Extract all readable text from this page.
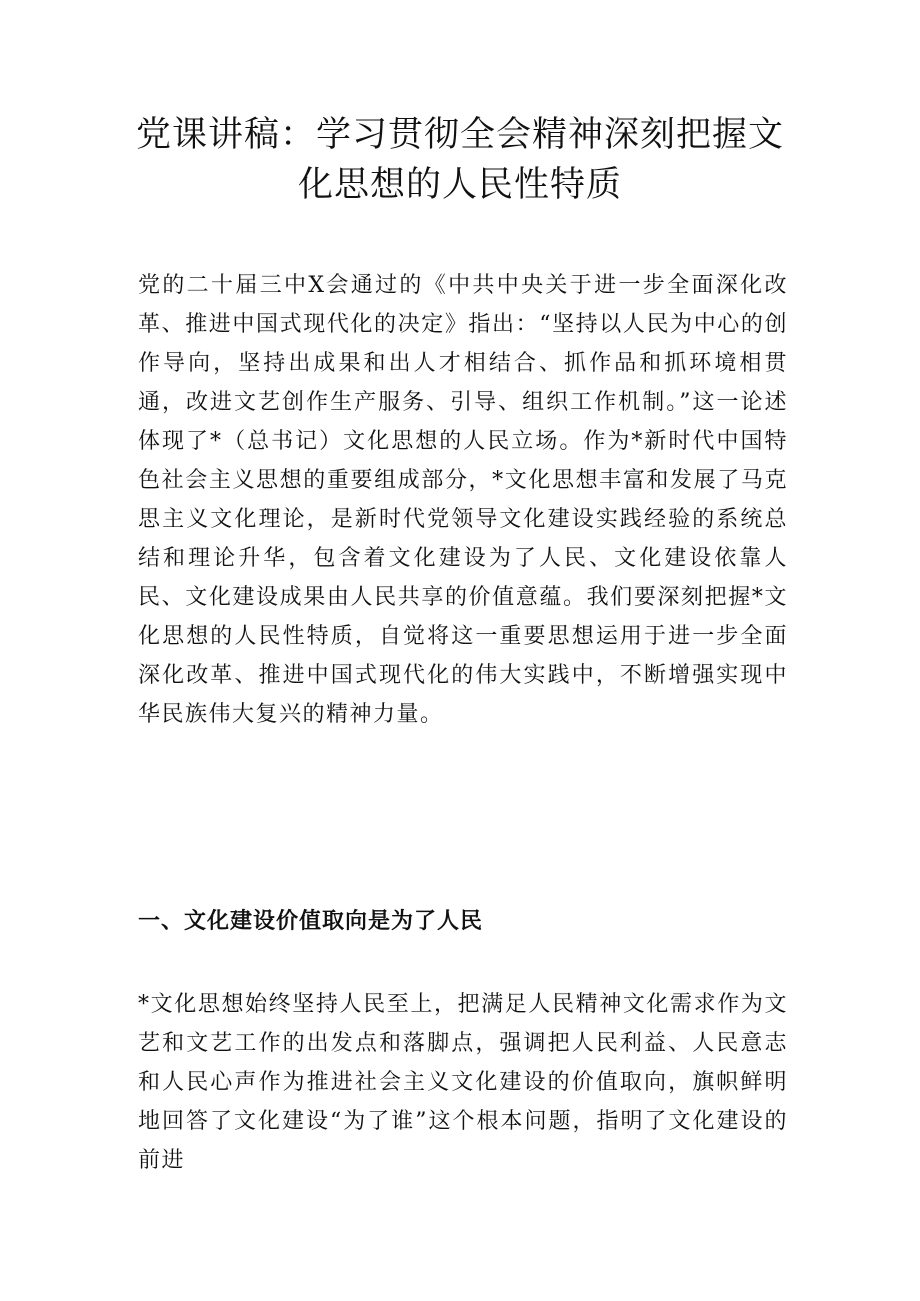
党课讲稿：学习贯彻全会精神深刻把握文化思想的人民性特质

党的二十届三中X会通过的《中共中央关于进一步全面深化改革、推进中国式现代化的决定》指出：“坚持以人民为中心的创作导向，坚持出成果和出人才相结合、抓作品和抓环境相贯通，改进文艺创作生产服务、引导、组织工作机制。”这一论述体现了*（总书记）文化思想的人民立场。作为*新时代中国特色社会主义思想的重要组成部分，*文化思想丰富和发展了马克思主义文化理论，是新时代党领导文化建设实践经验的系统总结和理论升华，包含着文化建设为了人民、文化建设依靠人民、文化建设成果由人民共享的价值意蕴。我们要深刻把握*文化思想的人民性特质，自觉将这一重要思想运用于进一步全面深化改革、推进中国式现代化的伟大实践中，不断增强实现中华民族伟大复兴的精神力量。

一、文化建设价值取向是为了人民

*文化思想始终坚持人民至上，把满足人民精神文化需求作为文艺和文艺工作的出发点和落脚点，强调把人民利益、人民意志和人民心声作为推进社会主义文化建设的价值取向，旗帜鲜明地回答了文化建设“为了谁”这个根本问题，指明了文化建设的前进
